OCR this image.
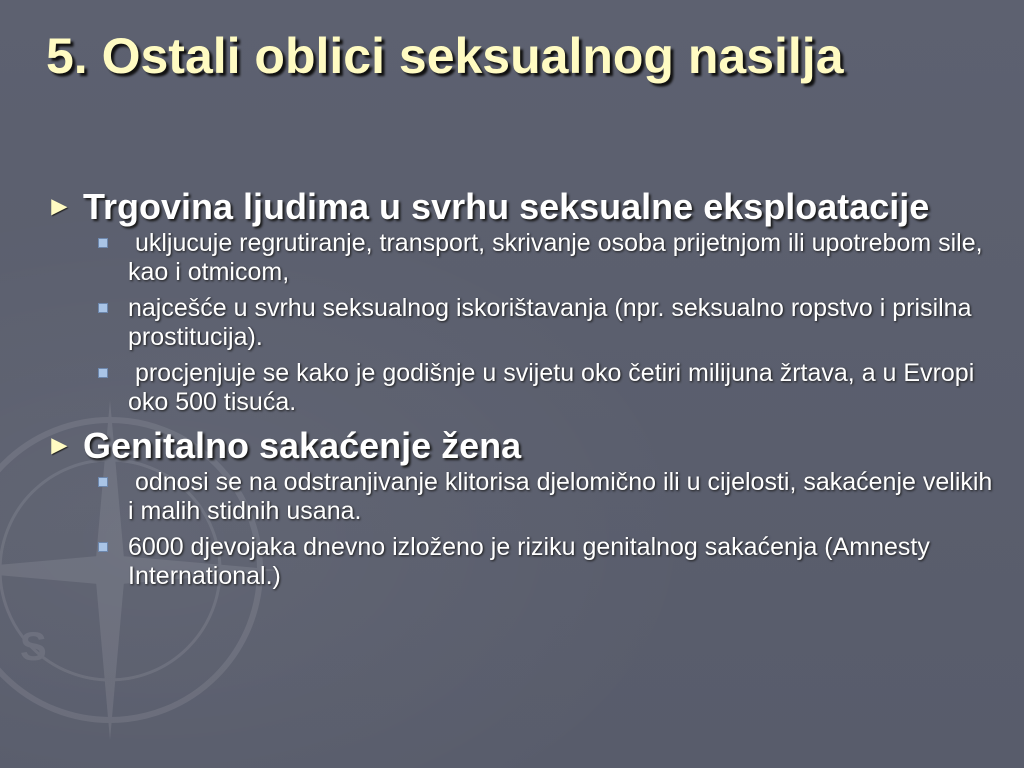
S
5. Ostali oblici seksualnog nasilja
► Trgovina ljudima u svrhu seksualne eksploatacije
ukljucuje regrutiranje, transport, skrivanje osoba prijetnjom ili upotrebom sile, kao i otmicom,
najcešće u svrhu seksualnog iskorištavanja (npr. seksualno ropstvo i prisilna prostitucija).
procjenjuje se kako je godišnje u svijetu oko četiri milijuna žrtava, a u Evropi oko 500 tisuća.
► Genitalno sakaćenje žena
odnosi se na odstranjivanje klitorisa djelomično ili u cijelosti, sakaćenje velikih i malih stidnih usana.
6000 djevojaka dnevno izloženo je riziku genitalnog sakaćenja (Amnesty International.)
